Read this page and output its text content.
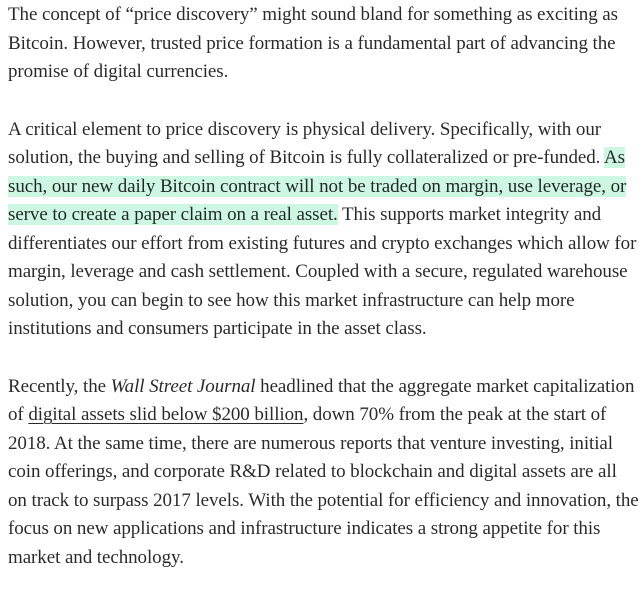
The concept of “price discovery” might sound bland for something as exciting as Bitcoin. However, trusted price formation is a fundamental part of advancing the promise of digital currencies.

A critical element to price discovery is physical delivery. Specifically, with our solution, the buying and selling of Bitcoin is fully collateralized or pre-funded. As such, our new daily Bitcoin contract will not be traded on margin, use leverage, or serve to create a paper claim on a real asset. This supports market integrity and differentiates our effort from existing futures and crypto exchanges which allow for margin, leverage and cash settlement. Coupled with a secure, regulated warehouse solution, you can begin to see how this market infrastructure can help more institutions and consumers participate in the asset class.

Recently, the Wall Street Journal headlined that the aggregate market capitalization of digital assets slid below $200 billion, down 70% from the peak at the start of 2018. At the same time, there are numerous reports that venture investing, initial coin offerings, and corporate R&D related to blockchain and digital assets are all on track to surpass 2017 levels. With the potential for efficiency and innovation, the focus on new applications and infrastructure indicates a strong appetite for this market and technology.
